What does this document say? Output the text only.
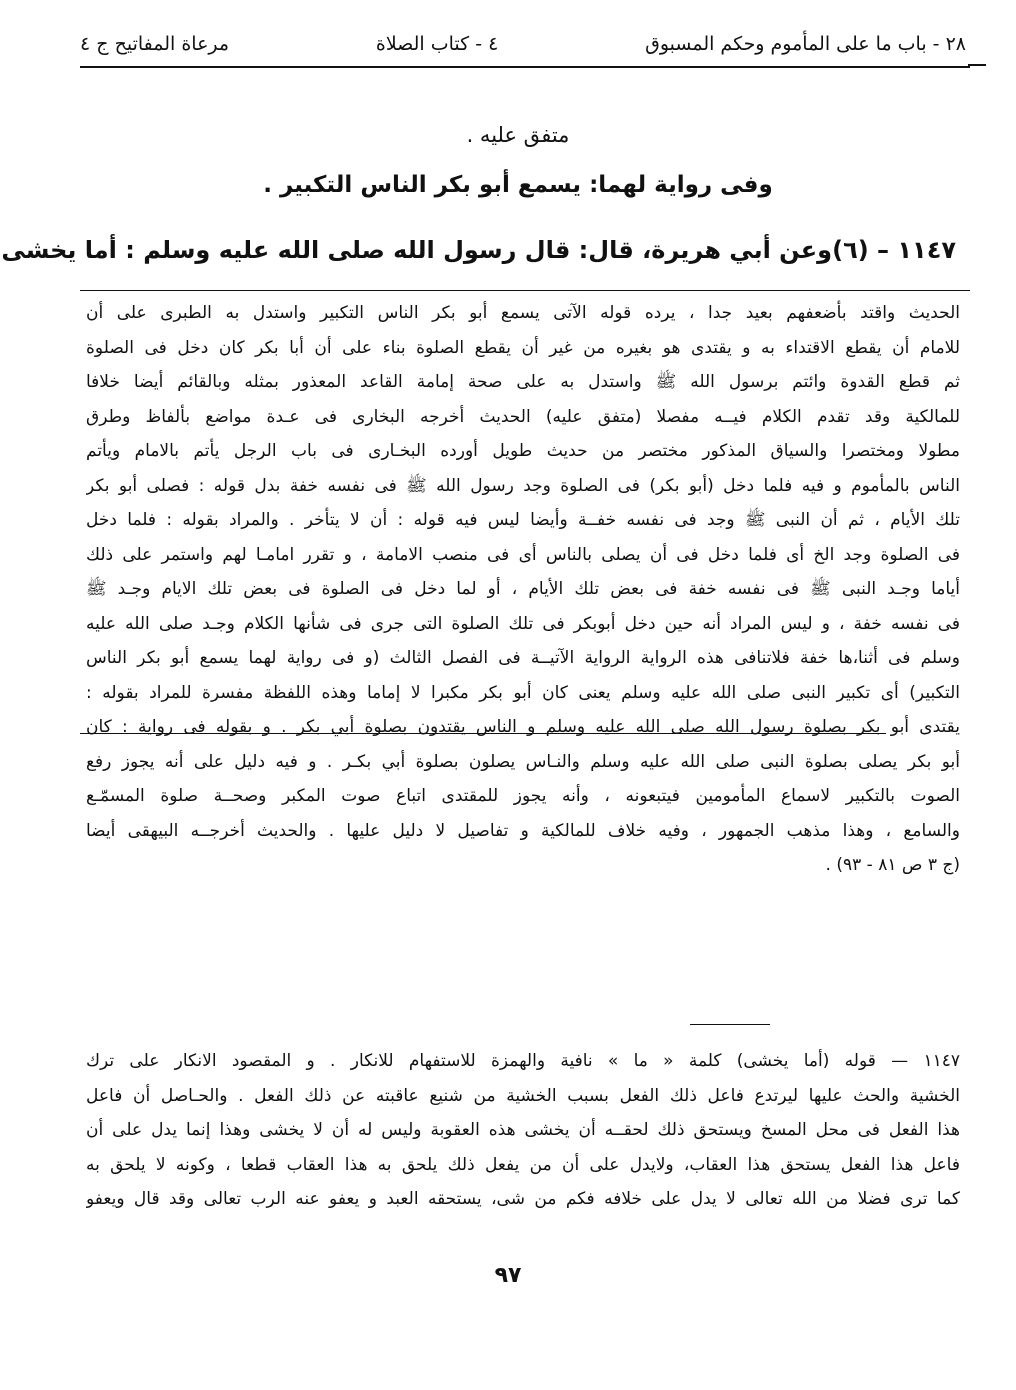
مرعاة المفاتيح ج ٤	٤ - كتاب الصلاة	٢٨ - باب ما على المأموم وحكم المسبوق
متفق عليه .
وفى رواية لهما: يسمع أبو بكر الناس التكبير .
١١٤٧ – (٦)
وعن أبي هريرة، قال: قال رسول الله صلى الله عليه وسلم : أما يخشى
الحديث واقتد بأضعفهم بعيد جدا ، يرده قوله الآتى يسمع أبو بكر الناس التكبير واستدل به الطبرى على أن
للامام أن يقطع الاقتداء به و يقتدى هو بغيره من غير أن يقطع الصلوة بناء على أن أبا بكر كان دخل فى الصلوة
ثم قطع القدوة وائتم برسول الله ﷺ واستدل به على صحة إمامة القاعد المعذور بمثله وبالقائم أيضا خلافا
للمالكية وقد تقدم الكلام فيــه مفصلا (متفق عليه) الحديث أخرجه البخارى فى عـدة مواضع بألفاظ وطرق
مطولا ومختصرا والسياق المذكور مختصر من حديث طويل أورده البخـارى فى باب الرجل يأتم بالامام ويأتم
الناس بالمأموم و فيه فلما دخل (أبو بكر) فى الصلوة وجد رسول الله ﷺ فى نفسه خفة بدل قوله : فصلى أبو بكر
تلك الأيام ، ثم أن النبى ﷺ وجد فى نفسه خفــة وأيضا ليس فيه قوله : أن لا يتأخر . والمراد بقوله : فلما دخل
فى الصلوة وجد الخ أى فلما دخل فى أن يصلى بالناس أى فى منصب الامامة ، و تقرر امامـا لهم واستمر على ذلك
أياما وجـد النبى ﷺ فى نفسه خفة فى بعض تلك الأيام ، أو لما دخل فى الصلوة فى بعض تلك الايام وجـد ﷺ
فى نفسه خفة ، و ليس المراد أنه حين دخل أبوبكر فى تلك الصلوة التى جرى فى شأنها الكلام وجـد صلى الله عليه
وسلم فى أثنا،ها خفة فلاتنافى هذه الرواية الرواية الآتيــة فى الفصل الثالث (و فى رواية لهما يسمع أبو بكر الناس
التكبير) أى تكبير النبى صلى الله عليه وسلم يعنى كان أبو بكر مكبرا لا إماما وهذه اللفظة مفسرة للمراد بقوله :
يقتدى أبو بكر بصلوة رسول الله صلى الله عليه وسلم و الناس يقتدون بصلوة أبي بكر . و بقوله فى رواية : كان
أبو بكر يصلى بصلوة النبى صلى الله عليه وسلم والنـاس يصلون بصلوة أبي بكـر . و فيه دليل على أنه يجوز رفع
الصوت بالتكبير لاسماع المأمومين فيتبعونه ، وأنه يجوز للمقتدى اتباع صوت المكبر وصحــة صلوة المسمّـع
والسامع ، وهذا مذهب الجمهور ، وفيه خلاف للمالكية و تفاصيل لا دليل عليها . والحديث أخرجــه البيهقى أيضا
(ج ٣ ص ٨١ - ٩٣) .
١١٤٧ — قوله (أما يخشى) كلمة « ما » نافية والهمزة للاستفهام للانكار . و المقصود الانكار على ترك
الخشية والحث عليها ليرتدع فاعل ذلك الفعل بسبب الخشية من شنيع عاقبته عن ذلك الفعل . والحـاصل أن فاعل
هذا الفعل فى محل المسخ ويستحق ذلك لحقــه أن يخشى هذه العقوبة وليس له أن لا يخشى وهذا إنما يدل على أن
فاعل هذا الفعل يستحق هذا العقاب، ولايدل على أن من يفعل ذلك يلحق به هذا العقاب قطعا ، وكونه لا يلحق به
كما ترى فضلا من الله تعالى لا يدل على خلافه فكم من شى، يستحقه العبد و يعفو عنه الرب تعالى وقد قال ويعفو
٩٧
